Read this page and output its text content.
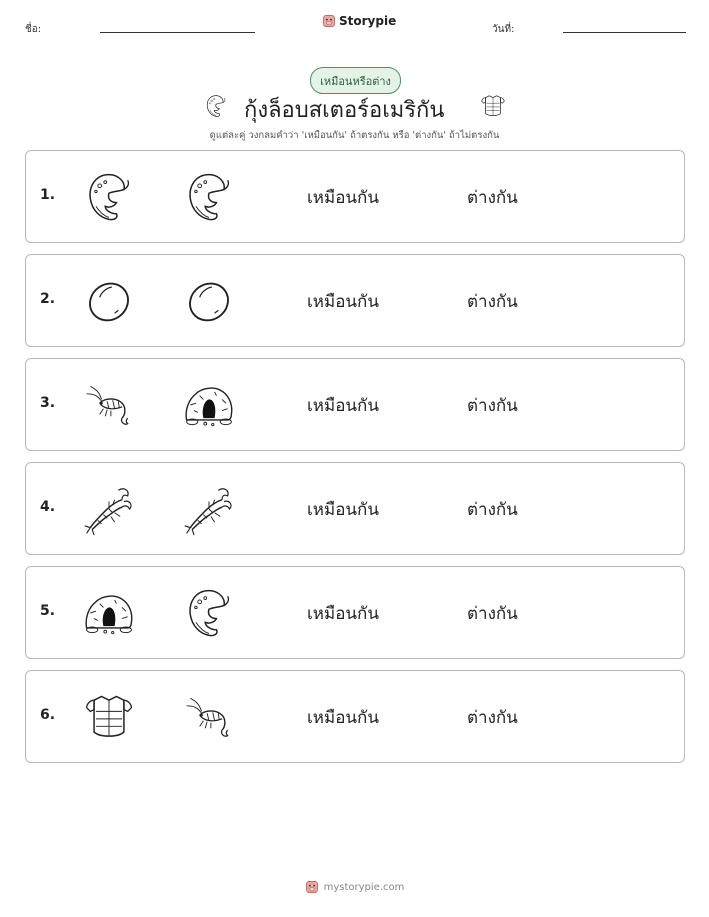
ชื่อ:
Storypie
วันที่:
เหมือนหรือต่าง
กุ้งล็อบสเตอร์อเมริกัน
ดูแต่ละคู่ วงกลมคำว่า 'เหมือนกัน' ถ้าตรงกัน หรือ 'ต่างกัน' ถ้าไม่ตรงกัน
1.	เหมือนกัน	ต่างกัน
2.	เหมือนกัน	ต่างกัน
3.	เหมือนกัน	ต่างกัน
4.	เหมือนกัน	ต่างกัน
5.	เหมือนกัน	ต่างกัน
6.	เหมือนกัน	ต่างกัน
mystorypie.com
